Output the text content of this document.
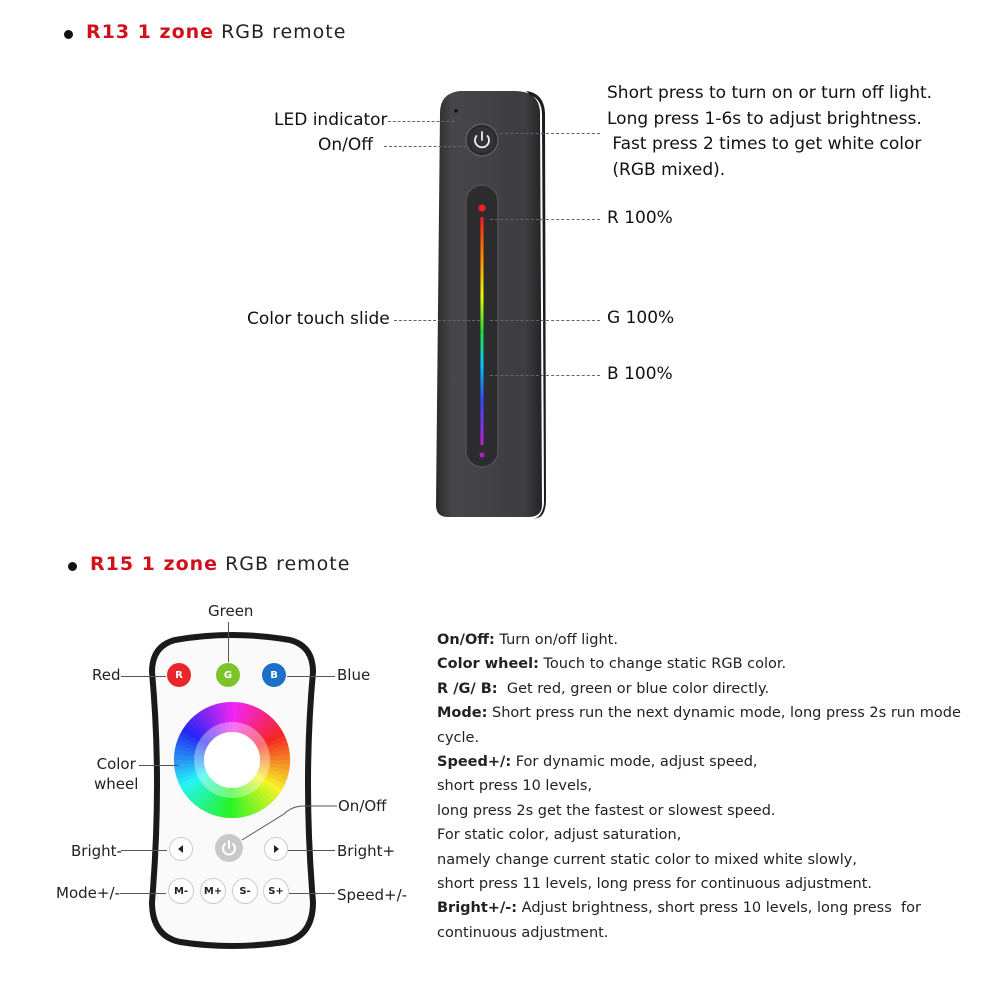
R13 1 zone RGB remote
LED indicator
On/Off
Color touch slide
Short press to turn on or turn off light.
Long press 1-6s to adjust brightness.
Fast press 2 times to get white color
(RGB mixed).
R 100%
G 100%
B 100%
R15 1 zone RGB remote
R	G	B
M- M+ S- S+
Green
Red	Blue
Color
wheel
On/Off
Bright-	Bright+
Mode+/-	Speed+/-
On/Off: Turn on/off light.
Color wheel: Touch to change static RGB color.
R /G/ B:  Get red, green or blue color directly.
Mode: Short press run the next dynamic mode, long press 2s run mode
cycle.
Speed+/: For dynamic mode, adjust speed,
short press 10 levels,
long press 2s get the fastest or slowest speed.
For static color, adjust saturation,
namely change current static color to mixed white slowly,
short press 11 levels, long press for continuous adjustment.
Bright+/-: Adjust brightness, short press 10 levels, long press  for
continuous adjustment.
